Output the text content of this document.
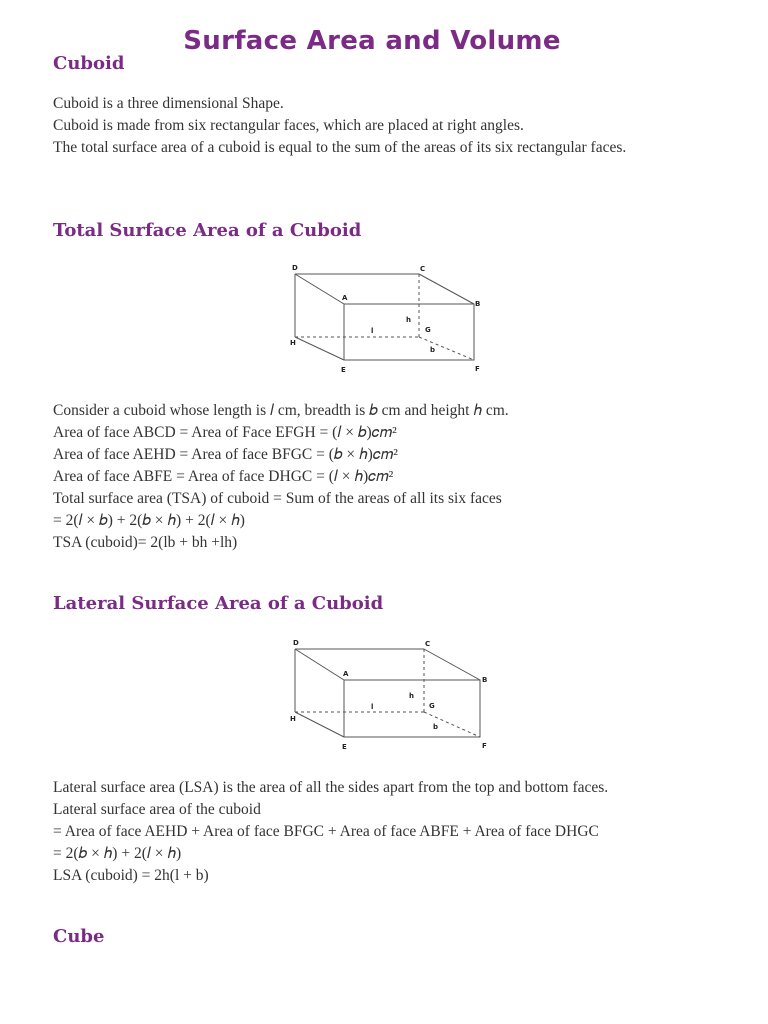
Surface Area and Volume
Cuboid
Cuboid is a three dimensional Shape.
Cuboid is made from six rectangular faces, which are placed at right angles.
The total surface area of a cuboid is equal to the sum of the areas of its six rectangular faces.
Total Surface Area of a Cuboid
D	C
A
B
G
H
E	F
l
h
b
Consider a cuboid whose length is 𝑙 cm, breadth is 𝑏 cm and height ℎ cm.
Area of face ABCD = Area of Face EFGH = (𝑙 × 𝑏)𝑐𝑚²
Area of face AEHD = Area of face BFGC = (𝑏 × ℎ)𝑐𝑚²
Area of face ABFE = Area of face DHGC = (𝑙 × ℎ)𝑐𝑚²
Total surface area (TSA) of cuboid = Sum of the areas of all its six faces
= 2(𝑙 × 𝑏) + 2(𝑏 × ℎ) + 2(𝑙 × ℎ)
TSA (cuboid)= 2(lb + bh +lh)
Lateral Surface Area of a Cuboid
D	C
A
B
G
H
E	F
l
h
b
Lateral surface area (LSA) is the area of all the sides apart from the top and bottom faces.
Lateral surface area of the cuboid
= Area of face AEHD + Area of face BFGC + Area of face ABFE + Area of face DHGC
= 2(𝑏 × ℎ) + 2(𝑙 × ℎ)
LSA (cuboid) = 2h(l + b)
Cube
